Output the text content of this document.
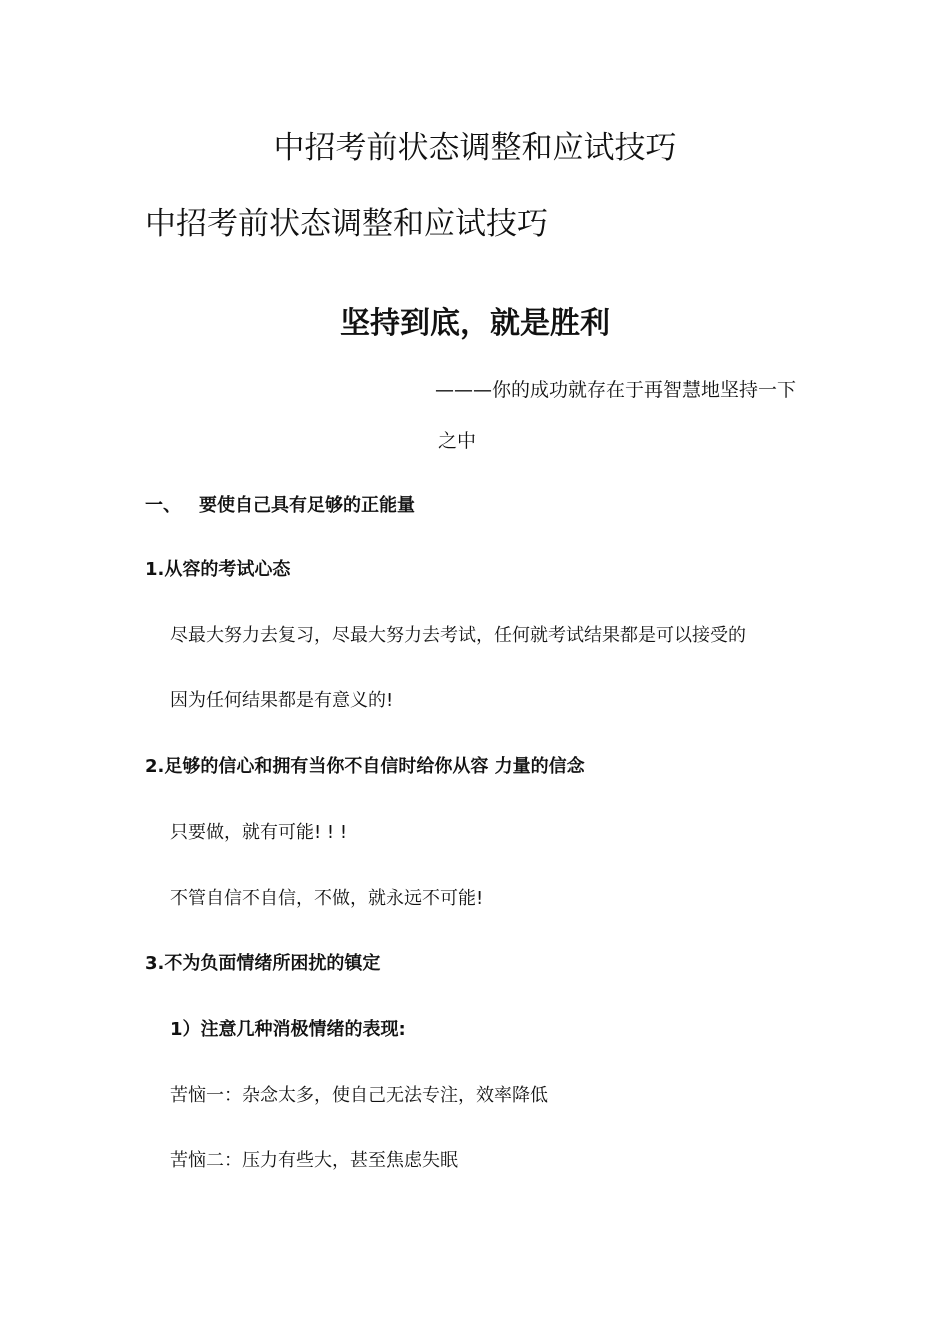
中招考前状态调整和应试技巧
中招考前状态调整和应试技巧
坚持到底，就是胜利
———你的成功就存在于再智慧地坚持一下
之中
一、 要使自己具有足够的正能量
1.从容的考试心态
尽最大努力去复习，尽最大努力去考试，任何就考试结果都是可以接受的
因为任何结果都是有意义的!
2.足够的信心和拥有当你不自信时给你从容 力量的信念
只要做，就有可能! ! !
不管自信不自信，不做，就永远不可能!
3.不为负面情绪所困扰的镇定
1）注意几种消极情绪的表现:
苦恼一：杂念太多，使自己无法专注，效率降低
苦恼二：压力有些大，甚至焦虑失眠
